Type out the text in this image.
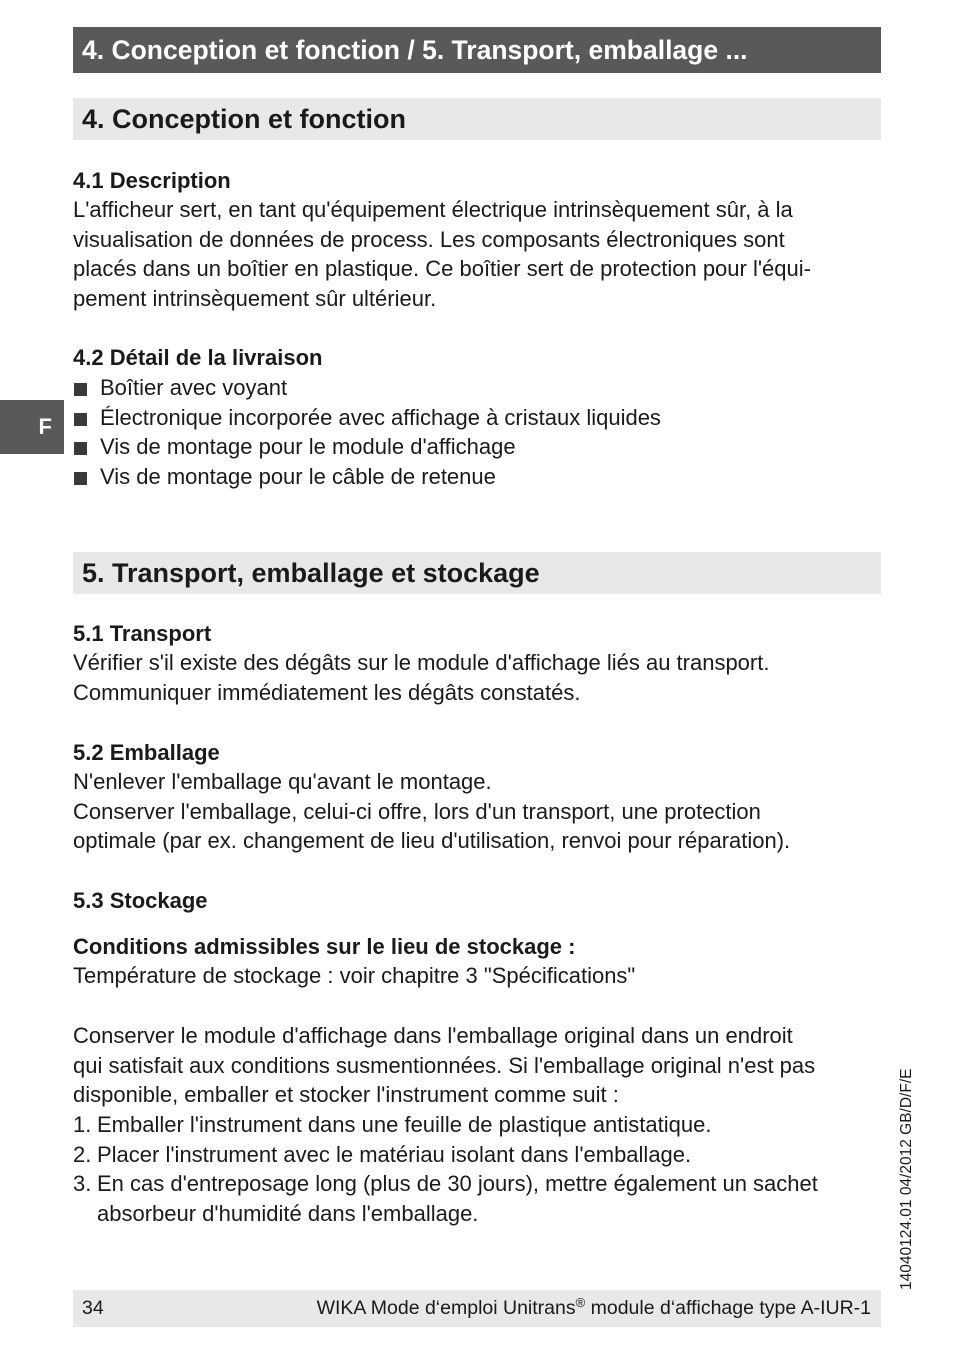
4. Conception et fonction / 5. Transport, emballage ...
F
4. Conception et fonction
4.1 Description

L'afficheur sert, en tant qu'équipement électrique intrinsèquement sûr, à la
visualisation de données de process. Les composants électroniques sont
placés dans un boîtier en plastique. Ce boîtier sert de protection pour l'équi-
pement intrinsèquement sûr ultérieur.

4.2 Détail de la livraison
Boîtier avec voyant
Électronique incorporée avec affichage à cristaux liquides
Vis de montage pour le module d'affichage
Vis de montage pour le câble de retenue
5. Transport, emballage et stockage
5.1 Transport

Vérifier s'il existe des dégâts sur le module d'affichage liés au transport.
Communiquer immédiatement les dégâts constatés.

5.2 Emballage

N'enlever l'emballage qu'avant le montage.
Conserver l'emballage, celui-ci offre, lors d'un transport, une protection
optimale (par ex. changement de lieu d'utilisation, renvoi pour réparation).

5.3 Stockage
Conditions admissibles sur le lieu de stockage :

Température de stockage : voir chapitre 3 "Spécifications"

Conserver le module d'affichage dans l'emballage original dans un endroit
qui satisfait aux conditions susmentionnées. Si l'emballage original n'est pas
disponible, emballer et stocker l'instrument comme suit :

1. Emballer l'instrument dans une feuille de plastique antistatique.
2. Placer l'instrument avec le matériau isolant dans l'emballage.
3. En cas d'entreposage long (plus de 30 jours), mettre également un sachet
absorbeur d'humidité dans l'emballage.	14040124.01 04/2012 GB/D/F/E
34	WIKA Mode d‘emploi Unitrans® module d‘affichage type A-IUR-1
